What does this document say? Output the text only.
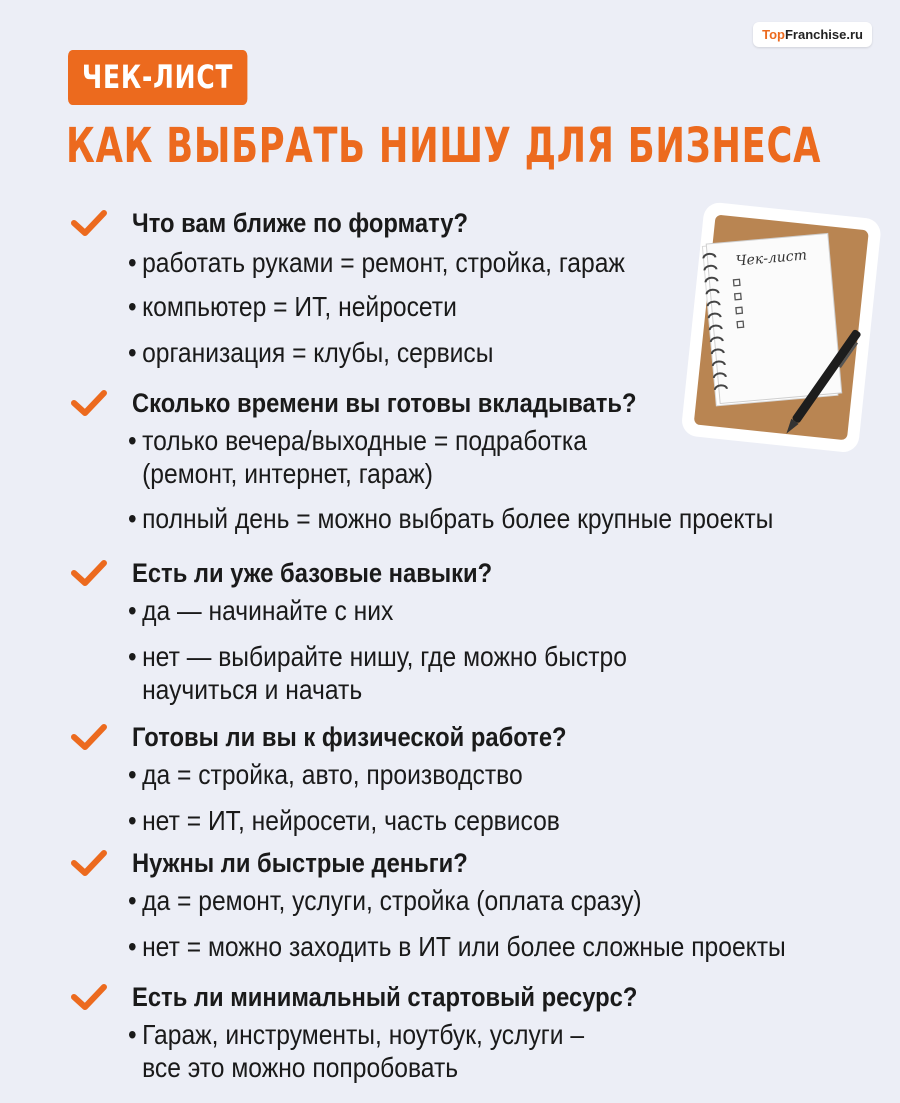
TopFranchise.ru
ЧЕК-ЛИСТ
КАК ВЫБРАТЬ НИШУ ДЛЯ БИЗНЕСА
Чек-лист
Что вам ближе по формату?
• работать руками = ремонт, стройка, гараж
• компьютер = ИТ, нейросети
• организация = клубы, сервисы
Сколько времени вы готовы вкладывать?
• только вечера/выходные = подработка
(ремонт, интернет, гараж)
• полный день = можно выбрать более крупные проекты
Есть ли уже базовые навыки?
• да — начинайте с них
• нет — выбирайте нишу, где можно быстро
научиться и начать
Готовы ли вы к физической работе?
• да = стройка, авто, производство
• нет = ИТ, нейросети, часть сервисов
Нужны ли быстрые деньги?
• да = ремонт, услуги, стройка (оплата сразу)
• нет = можно заходить в ИТ или более сложные проекты
Есть ли минимальный стартовый ресурс?
• Гараж, инструменты, ноутбук, услуги –
все это можно попробовать
